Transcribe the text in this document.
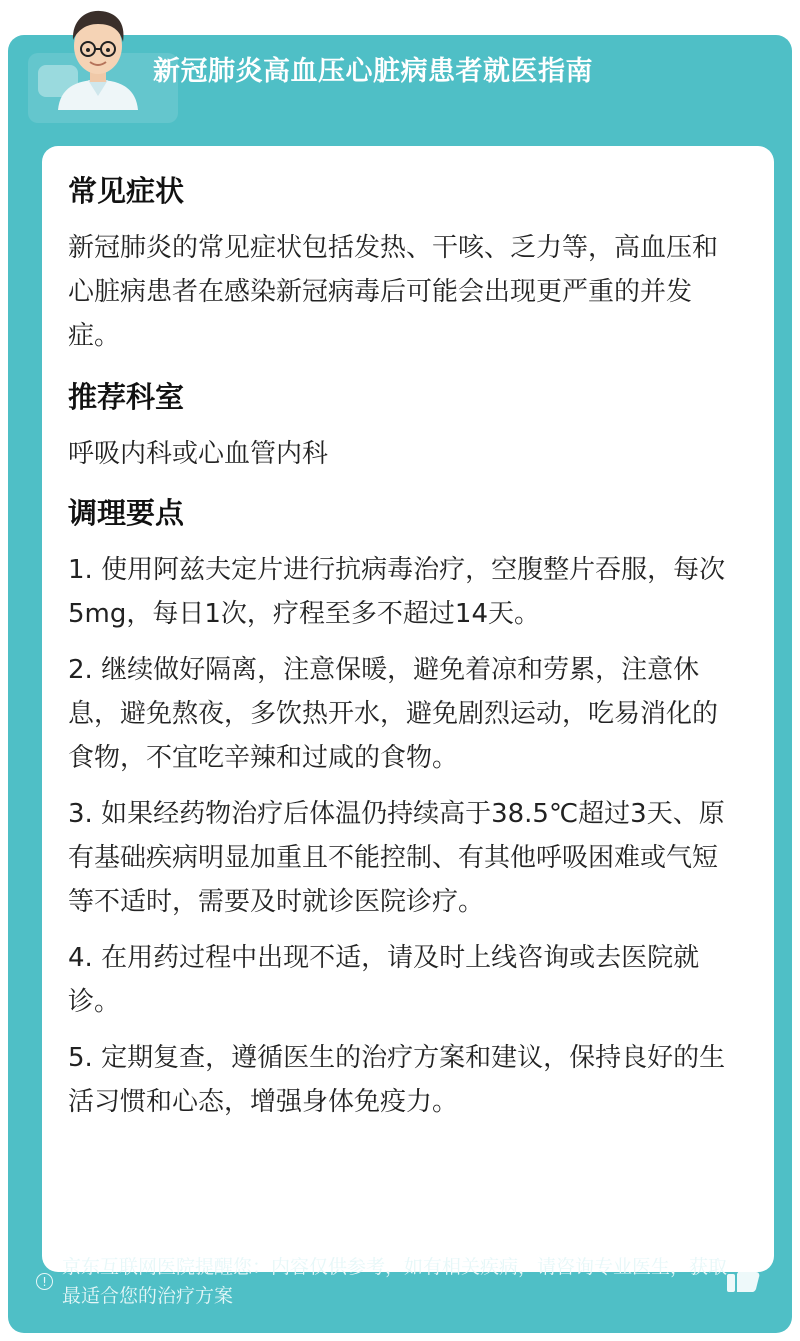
新冠肺炎高血压心脏病患者就医指南
常见症状
新冠肺炎的常见症状包括发热、干咳、乏力等，高血压和心脏病患者在感染新冠病毒后可能会出现更严重的并发症。
推荐科室
呼吸内科或心血管内科
调理要点
1. 使用阿兹夫定片进行抗病毒治疗，空腹整片吞服，每次5mg，每日1次，疗程至多不超过14天。
2. 继续做好隔离，注意保暖，避免着凉和劳累，注意休息，避免熬夜，多饮热开水，避免剧烈运动，吃易消化的食物，不宜吃辛辣和过咸的食物。
3. 如果经药物治疗后体温仍持续高于38.5℃超过3天、原有基础疾病明显加重且不能控制、有其他呼吸困难或气短等不适时，需要及时就诊医院诊疗。
4. 在用药过程中出现不适，请及时上线咨询或去医院就诊。
5. 定期复查，遵循医生的治疗方案和建议，保持良好的生活习惯和心态，增强身体免疫力。
!
京东互联网医院提醒您：内容仅供参考，如有相关疾病，请咨询专业医生，获取最适合您的治疗方案
